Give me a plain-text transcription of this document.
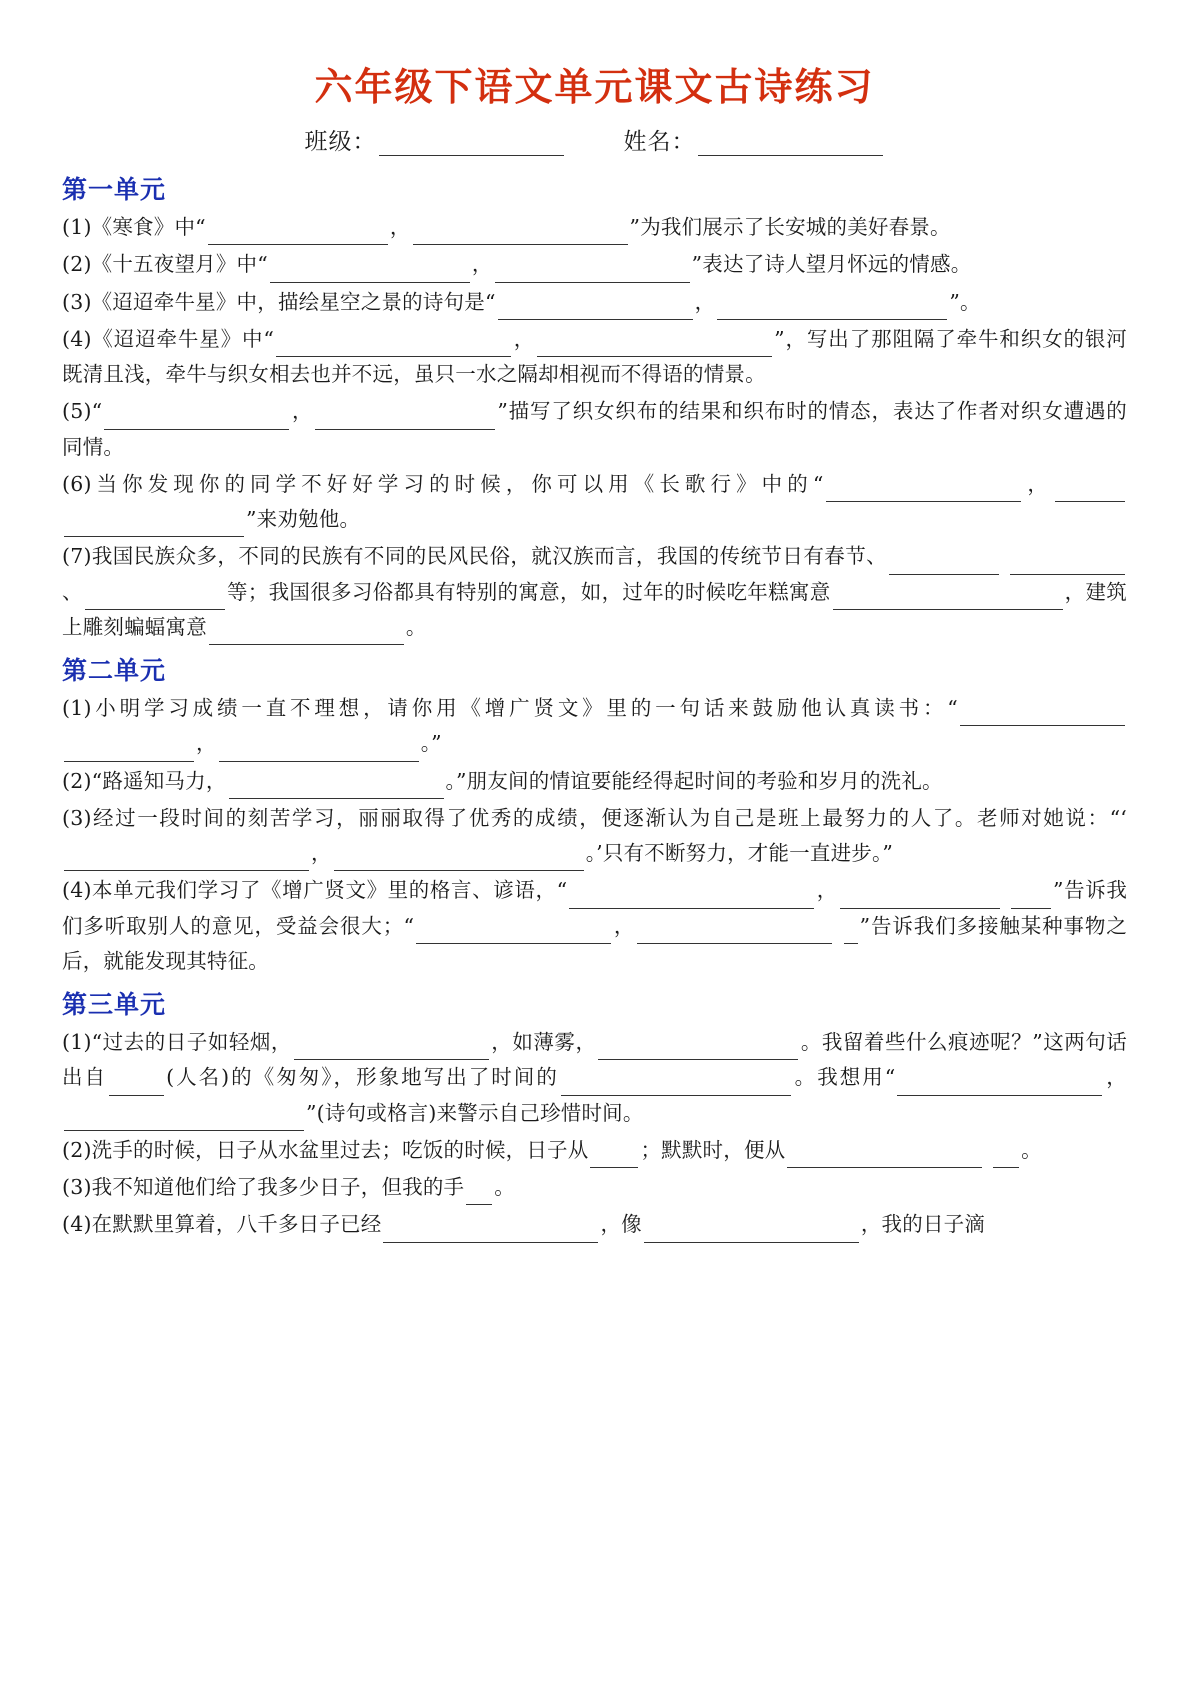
六年级下语文单元课文古诗练习
班级：	姓名：
第一单元

(1)《寒食》中“	，	”为我们展示了长安城的美好春景。

(2)《十五夜望月》中“	，	”表达了诗人望月怀远的情感。

(3)《迢迢牵牛星》中，描绘星空之景的诗句是“	，	”。

(4)《迢迢牵牛星》中“	，	”，写出了那阻隔了牵牛和织女的银河既清且浅，牵牛与织女相去也并不远，虽只一水之隔却相视而不得语的情景。

(5)“	，	”描写了织女织布的结果和织布时的情态，表达了作者对织女遭遇的同情。

(6)当你发现你的同学不好好学习的时候，你可以用《长歌行》中的“	， ”来劝勉他。

(7)我国民族众多，不同的民族有不同的民风民俗，就汉族而言，我国的传统节日有春节、 、	等；我国很多习俗都具有特别的寓意，如，过年的时候吃年糕寓意	，建筑上雕刻蝙蝠寓意	。

第二单元

(1)小明学习成绩一直不理想，请你用《增广贤文》里的一句话来鼓励他认真读书：“ ，	。”

(2)“路遥知马力，	。”朋友间的情谊要能经得起时间的考验和岁月的洗礼。

(3)经过一段时间的刻苦学习，丽丽取得了优秀的成绩，便逐渐认为自己是班上最努力的人了。老师对她说：“‘，	。’只有不断努力，才能一直进步。”

(4)本单元我们学习了《增广贤文》里的格言、谚语，“	，	”告诉我们多听取别人的意见，受益会很大；“	，	”告诉我们多接触某种事物之后，就能发现其特征。

第三单元

(1)“过去的日子如轻烟，	，如薄雾，	。我留着些什么痕迹呢？”这两句话出自	(人名)的《匆匆》，形象地写出了时间的	。我想用“	，”(诗句或格言)来警示自己珍惜时间。

(2)洗手的时候，日子从水盆里过去；吃饭的时候，日子从	；默默时，便从	。

(3)我不知道他们给了我多少日子，但我的手 。

(4)在默默里算着，八千多日子已经	，像	，我的日子滴
